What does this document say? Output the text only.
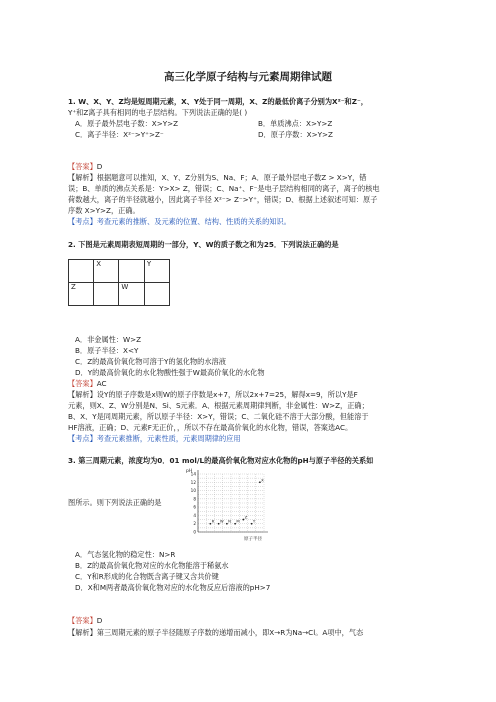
高三化学原子结构与元素周期律试题
1. W、X、Y、Z均是短周期元素，X、Y处于同一周期，X、Z的最低价离子分别为X²⁻和Z⁻，
Y⁺和Z离子具有相同的电子层结构。下列说法正确的是( )
A．原子最外层电子数：X>Y>Z	B．单质沸点：X>Y>Z
C．离子半径：X²⁻>Y⁺>Z⁻	D．原子序数：X>Y>Z
【答案】D
【解析】根据题意可以推知，X、Y、Z分别为S、Na、F；A．原子最外层电子数Z > X>Y，错
误；B、单质的沸点关系是：Y>X> Z，错误；C、Na⁺、F⁻是电子层结构相同的离子，离子的核电
荷数越大，离子的半径就越小，因此离子半径 X²⁻> Z⁻>Y⁺，错误；D、根据上述叙述可知：原子
序数 X>Y>Z，正确。
【考点】考查元素的推断、及元素的位置、结构、性质的关系的知识。
2. 下图是元素周期表短周期的一部分，Y、W的质子数之和为25．下列说法正确的是
	X		Y
Z		W	
A．非金属性：W>Z
B．原子半径：X<Y
C．Z的最高价氧化物可溶于Y的氢化物的水溶液
D．Y的最高价氧化的水化物酸性强于W最高价氧化的水化物
【答案】AC
【解析】设Y的原子序数是x则W的原子序数是x+7，所以2x+7=25，解得x=9，所以Y是F
元素，则X、Z、W分别是N、Si、S元素．A、根据元素周期律判断，非金属性：W>Z，正确；
B、X、Y是同周期元素，所以原子半径：X>Y，错误；C、二氧化硅不溶于大部分酸，但能溶于
HF溶液，正确；D、元素F无正价，，所以不存在最高价氧化的水化物，错误，答案选AC。
【考点】考查元素推断，元素性质，元素周期律的应用
3. 第三周期元素，浓度均为0．01 mol/L的最高价氧化物对应水化物的pH与原子半径的关系如
图所示。则下列说法正确的是
14
12
10
8
6
4
2
0
X
Y
Z
M
N
W
R
pH
原子半径
A．气态氢化物的稳定性：N>R
B．Z的最高价氧化物对应的水化物能溶于稀氨水
C．Y和R形成的化合物既含离子键又含共价键
D．X和M两者最高价氧化物对应的水化物反应后溶液的pH>7
【答案】D
【解析】第三周期元素的原子半径随原子序数的递增而减小，即X→R为Na→Cl。A项中，气态
